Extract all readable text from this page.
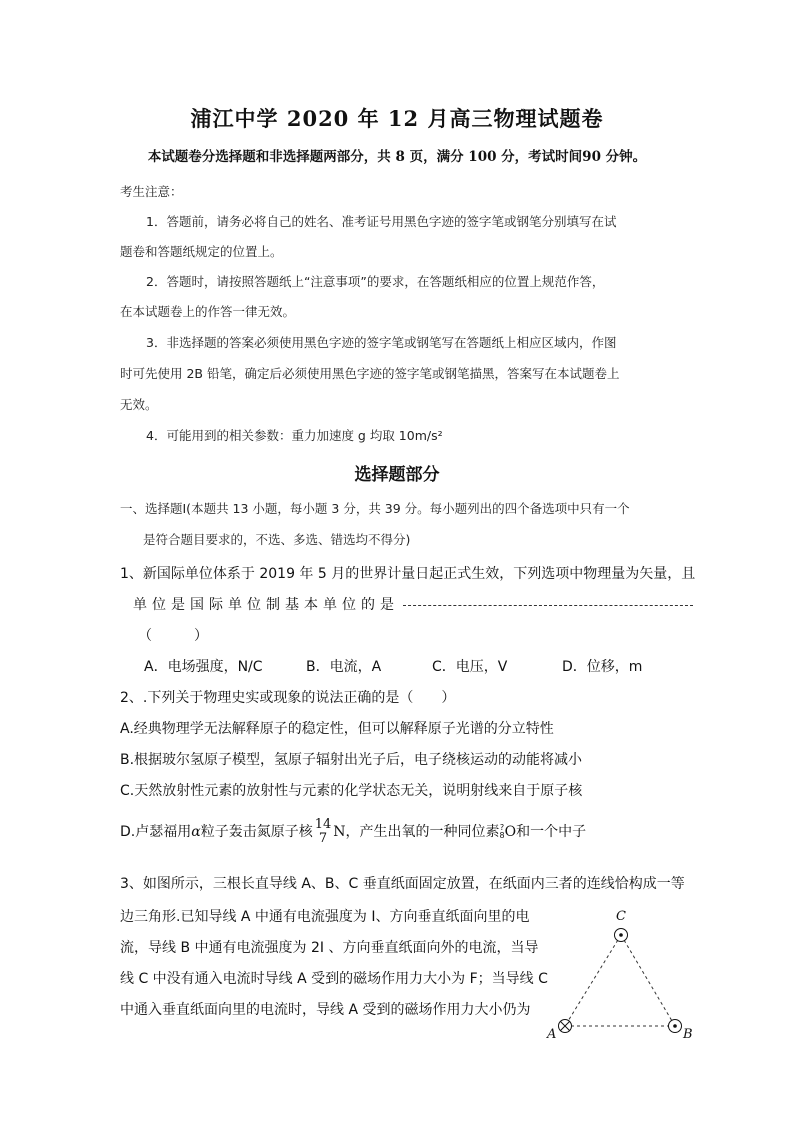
浦江中学 2020 年 12 月高三物理试题卷
本试题卷分选择题和非选择题两部分，共 8 页，满分 100 分，考试时间90 分钟。
考生注意：
1．答题前，请务必将自己的姓名、准考证号用黑色字迹的签字笔或钢笔分别填写在试
题卷和答题纸规定的位置上。
2．答题时，请按照答题纸上“注意事项”的要求，在答题纸相应的位置上规范作答，
在本试题卷上的作答一律无效。
3．非选择题的答案必须使用黑色字迹的签字笔或钢笔写在答题纸上相应区域内，作图
时可先使用 2B 铅笔，确定后必须使用黑色字迹的签字笔或钢笔描黑，答案写在本试题卷上
无效。
4．可能用到的相关参数：重力加速度 g 均取 10m/s²
选择题部分
一、选择题Ⅰ(本题共 13 小题，每小题 3 分，共 39 分。每小题列出的四个备选项中只有一个
是符合题目要求的，不选、多选、错选均不得分)
1、新国际单位体系于 2019 年 5 月的世界计量日起正式生效，下列选项中物理量为矢量，且
单位是国际单位制基本单位的是
（　　　）
A．电场强度，N/C	B．电流，A	C．电压，V	D．位移，m
2、.下列关于物理史实或现象的说法正确的是（　　）
A.经典物理学无法解释原子的稳定性，但可以解释原子光谱的分立特性
B.根据玻尔氢原子模型，氢原子辐射出光子后，电子绕核运动的动能将减小
C.天然放射性元素的放射性与元素的化学状态无关，说明射线来自于原子核
D.卢瑟福用α粒子轰击氮原子核 14
7 N，产生出氧的一种同位素 ?
8 O和一个中子
3、如图所示，三根长直导线 A、B、C 垂直纸面固定放置，在纸面内三者的连线恰构成一等
边三角形.已知导线 A 中通有电流强度为 I、方向垂直纸面向里的电
流，导线 B 中通有电流强度为 2I 、方向垂直纸面向外的电流，当导
线 C 中没有通入电流时导线 A 受到的磁场作用力大小为 F；当导线 C
中通入垂直纸面向里的电流时，导线 A 受到的磁场作用力大小仍为
C
A	B
